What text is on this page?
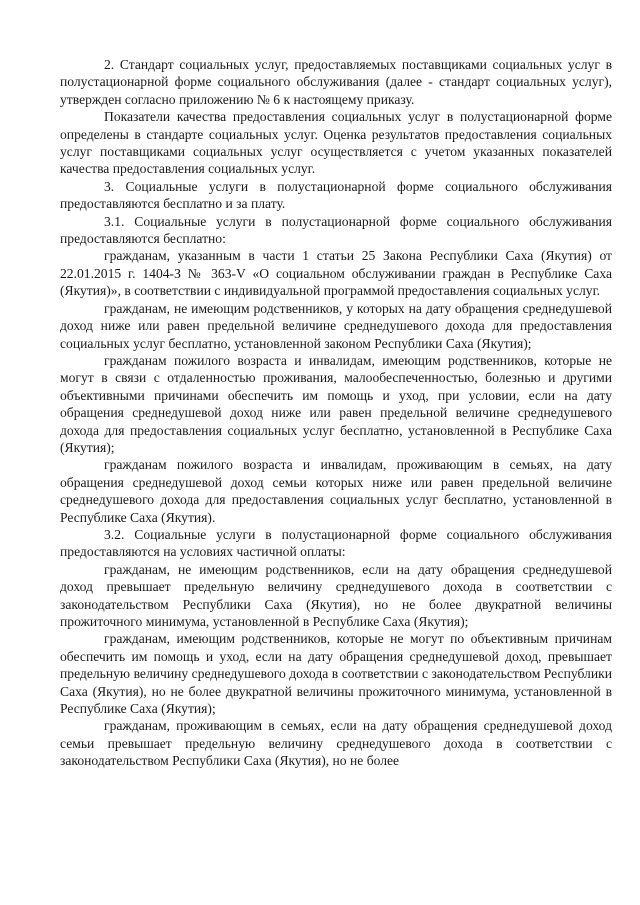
2. Стандарт социальных услуг, предоставляемых поставщиками социальных услуг в полустационарной форме социального обслуживания (далее - стандарт социальных услуг), утвержден согласно приложению № 6 к настоящему приказу.

Показатели качества предоставления социальных услуг в полустационарной форме определены в стандарте социальных услуг. Оценка результатов предоставления социальных услуг поставщиками социальных услуг осуществляется с учетом указанных показателей качества предоставления социальных услуг.

3. Социальные услуги в полустационарной форме социального обслуживания предоставляются бесплатно и за плату.

3.1. Социальные услуги в полустационарной форме социального обслуживания предоставляются бесплатно:

гражданам, указанным в части 1 статьи 25 Закона Республики Саха (Якутия) от 22.01.2015 г. 1404-З № 363-V «О социальном обслуживании граждан в Республике Саха (Якутия)», в соответствии с индивидуальной программой предоставления социальных услуг.

гражданам, не имеющим родственников, у которых на дату обращения среднедушевой доход ниже или равен предельной величине среднедушевого дохода для предоставления социальных услуг бесплатно, установленной законом Республики Саха (Якутия);

гражданам пожилого возраста и инвалидам, имеющим родственников, которые не могут в связи с отдаленностью проживания, малообеспеченностью, болезнью и другими объективными причинами обеспечить им помощь и уход, при условии, если на дату обращения среднедушевой доход ниже или равен предельной величине среднедушевого дохода для предоставления социальных услуг бесплатно, установленной в Республике Саха (Якутия);

гражданам пожилого возраста и инвалидам, проживающим в семьях, на дату обращения среднедушевой доход семьи которых ниже или равен предельной величине среднедушевого дохода для предоставления социальных услуг бесплатно, установленной в Республике Саха (Якутия).

3.2. Социальные услуги в полустационарной форме социального обслуживания предоставляются на условиях частичной оплаты:

гражданам, не имеющим родственников, если на дату обращения среднедушевой доход превышает предельную величину среднедушевого дохода в соответствии с законодательством Республики Саха (Якутия), но не более двукратной величины прожиточного минимума, установленной в Республике Саха (Якутия);

гражданам, имеющим родственников, которые не могут по объективным причинам обеспечить им помощь и уход, если на дату обращения среднедушевой доход, превышает предельную величину среднедушевого дохода в соответствии с законодательством Республики Саха (Якутия), но не более двукратной величины прожиточного минимума, установленной в Республике Саха (Якутия);

гражданам, проживающим в семьях, если на дату обращения среднедушевой доход семьи превышает предельную величину среднедушевого дохода в соответствии с законодательством Республики Саха (Якутия), но не более
